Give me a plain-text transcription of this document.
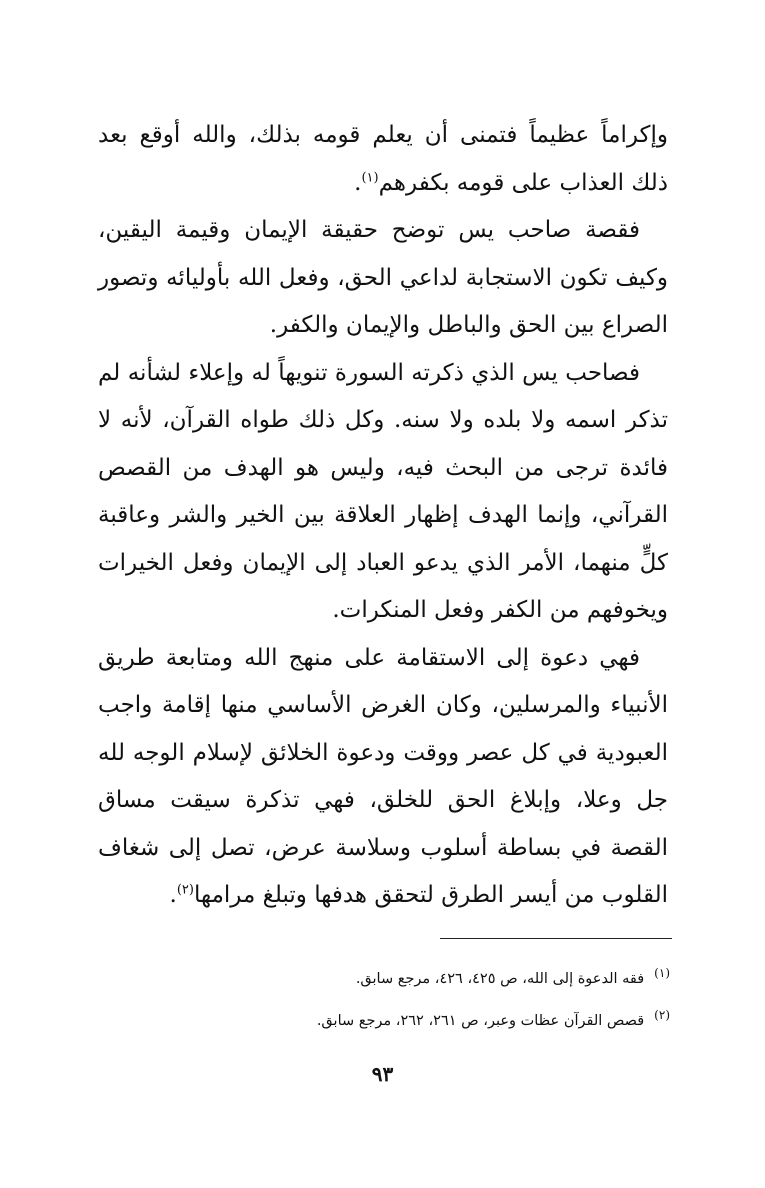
وإكراماً عظيماً فتمنى أن يعلم قومه بذلك، والله أوقع بعد ذلك العذاب على قومه بكفرهم$^{(١)}$.

فقصة صاحب يس توضح حقيقة الإيمان وقيمة اليقين، وكيف تكون الاستجابة لداعي الحق، وفعل الله بأوليائه وتصور الصراع بين الحق والباطل والإيمان والكفر.

فصاحب يس الذي ذكرته السورة تنويهاً له وإعلاء لشأنه لم تذكر اسمه ولا بلده ولا سنه. وكل ذلك طواه القرآن، لأنه لا فائدة ترجى من البحث فيه، وليس هو الهدف من القصص القرآني، وإنما الهدف إظهار العلاقة بين الخير والشر وعاقبة كلٍّ منهما، الأمر الذي يدعو العباد إلى الإيمان وفعل الخيرات ويخوفهم من الكفر وفعل المنكرات.

فهي دعوة إلى الاستقامة على منهج الله ومتابعة طريق الأنبياء والمرسلين، وكان الغرض الأساسي منها إقامة واجب العبودية في كل عصر ووقت ودعوة الخلائق لإسلام الوجه لله جل وعلا، وإبلاغ الحق للخلق، فهي تذكرة سيقت مساق القصة في بساطة أسلوب وسلاسة عرض، تصل إلى شغاف القلوب من أيسر الطرق لتحقق هدفها وتبلغ مرامها$^{(٢)}$.

$^{(١)}$فقه الدعوة إلى الله، ص ٤٢٥، ٤٢٦، مرجع سابق.
$^{(٢)}$قصص القرآن عظات وعبر، ص ٢٦١، ٢٦٢، مرجع سابق.
٩٣
